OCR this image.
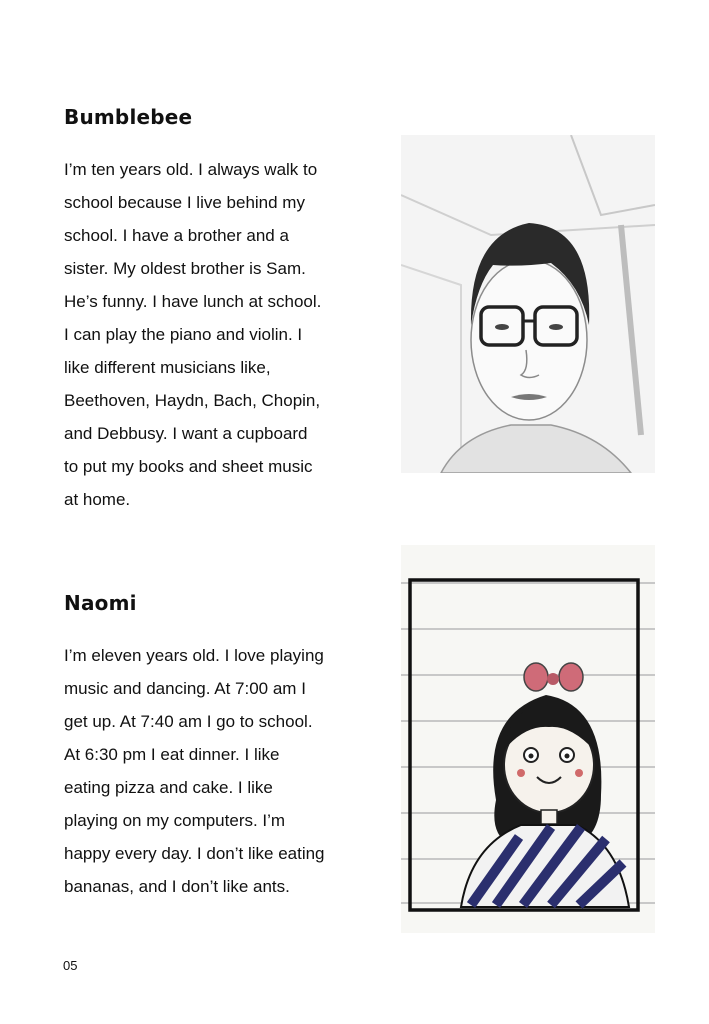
Bumblebee
I’m ten years old. I always walk to
school because I live behind my
school. I have a brother and a
sister. My oldest brother is Sam.
He’s funny. I have lunch at school.
I can play the piano and violin. I
like different musicians like,
Beethoven, Haydn, Bach, Chopin,
and Debbusy. I want a cupboard
to put my books and sheet music
at home.
Naomi
I’m eleven years old. I love playing
music and dancing. At 7:00 am I
get up. At 7:40 am I go to school.
At 6:30 pm I eat dinner. I like
eating pizza and cake. I like
playing on my computers. I’m
happy every day. I don’t like eating
bananas, and I don’t like ants.
05
